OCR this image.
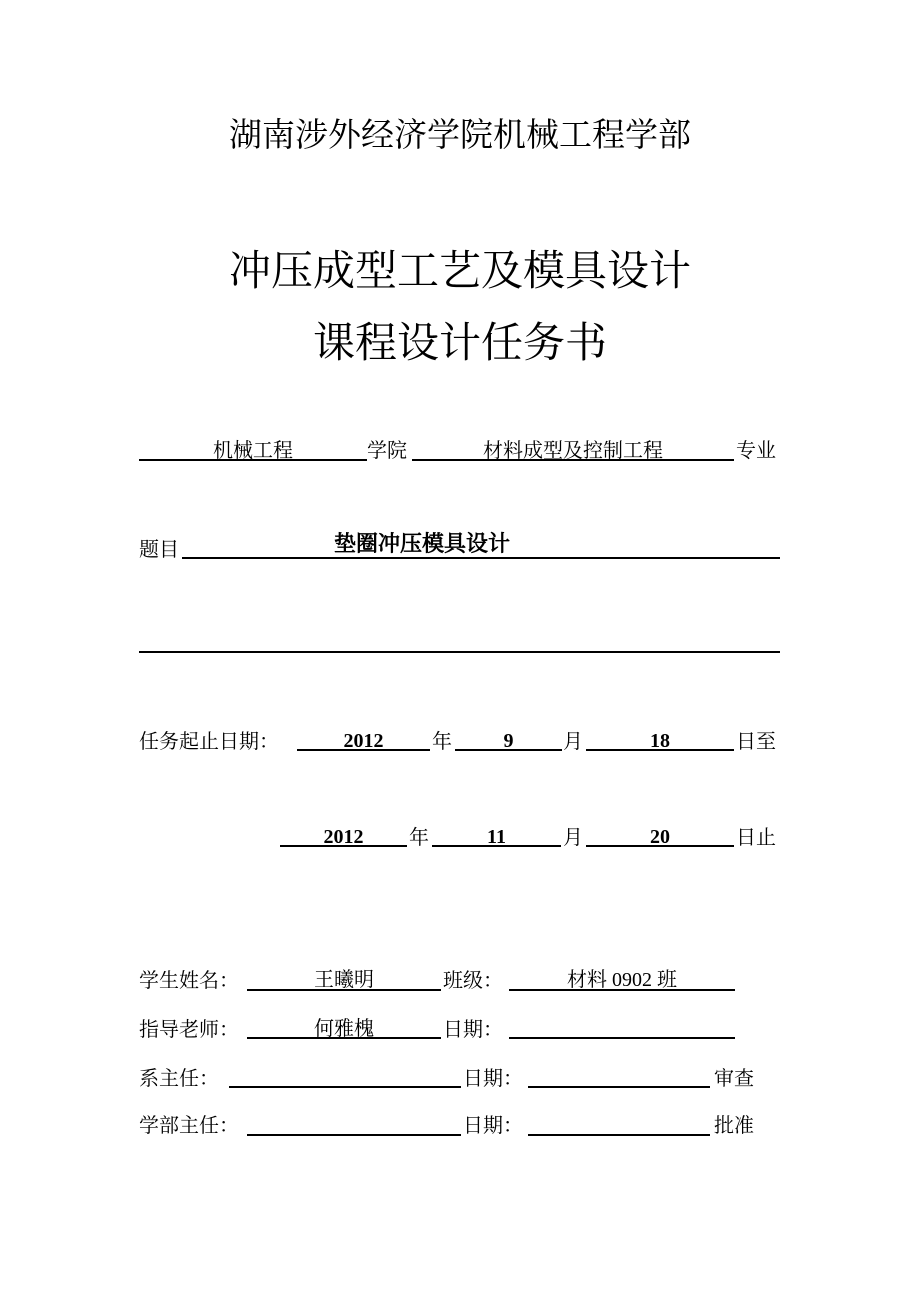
湖南涉外经济学院机械工程学部
冲压成型工艺及模具设计
课程设计任务书
机械工程	学院	材料成型及控制工程	专业
题目	垫圈冲压模具设计
任务起止日期：	2012	年	9	月	18	日至
2012	年	11	月	20	日止
学生姓名：	王曦明	班级：	材料 0902 班
指导老师：	何雅槐	日期：
系主任：	日期：	审查
学部主任：	日期：	批准
